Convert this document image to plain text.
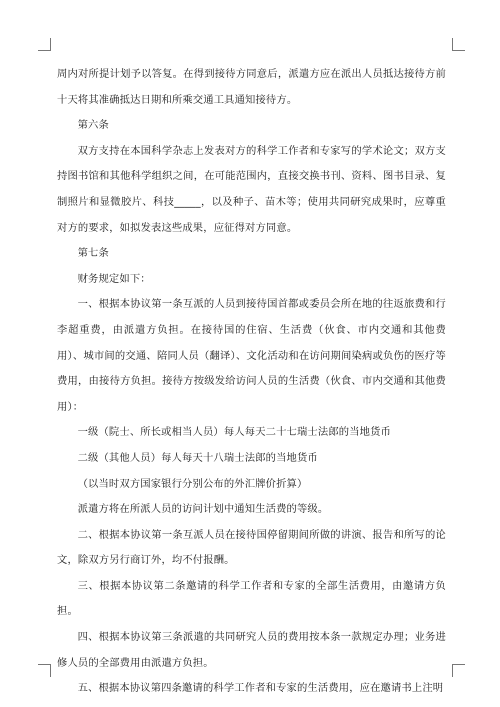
周内对所提计划予以答复。在得到接待方同意后，派遣方应在派出人员抵达接待方前十天将其准确抵达日期和所乘交通工具通知接待方。

第六条

双方支持在本国科学杂志上发表对方的科学工作者和专家写的学术论文；双方支持图书馆和其他科学组织之间，在可能范围内，直接交换书刊、资料、图书目录、复制照片和显微胶片、科技_____，以及种子、苗木等；使用共同研究成果时，应尊重对方的要求，如拟发表这些成果，应征得对方同意。

第七条

财务规定如下：

一、根据本协议第一条互派的人员到接待国首都或委员会所在地的往返旅费和行李超重费，由派遣方负担。在接待国的住宿、生活费（伙食、市内交通和其他费用）、城市间的交通、陪同人员（翻译）、文化活动和在访问期间染病或负伤的医疗等费用，由接待方负担。接待方按级发给访问人员的生活费（伙食、市内交通和其他费用）：

一级（院士、所长或相当人员）每人每天二十七瑞士法郎的当地货币

二级（其他人员）每人每天十八瑞士法郎的当地货币

（以当时双方国家银行分别公布的外汇牌价折算）

派遣方将在所派人员的访问计划中通知生活费的等级。

二、根据本协议第一条互派人员在接待国停留期间所做的讲演、报告和所写的论文，除双方另行商订外，均不付报酬。

三、根据本协议第二条邀请的科学工作者和专家的全部生活费用，由邀请方负担。

四、根据本协议第三条派遣的共同研究人员的费用按本条一款规定办理；业务进修人员的全部费用由派遣方负担。

五、根据本协议第四条邀请的科学工作者和专家的生活费用，应在邀请书上注明
